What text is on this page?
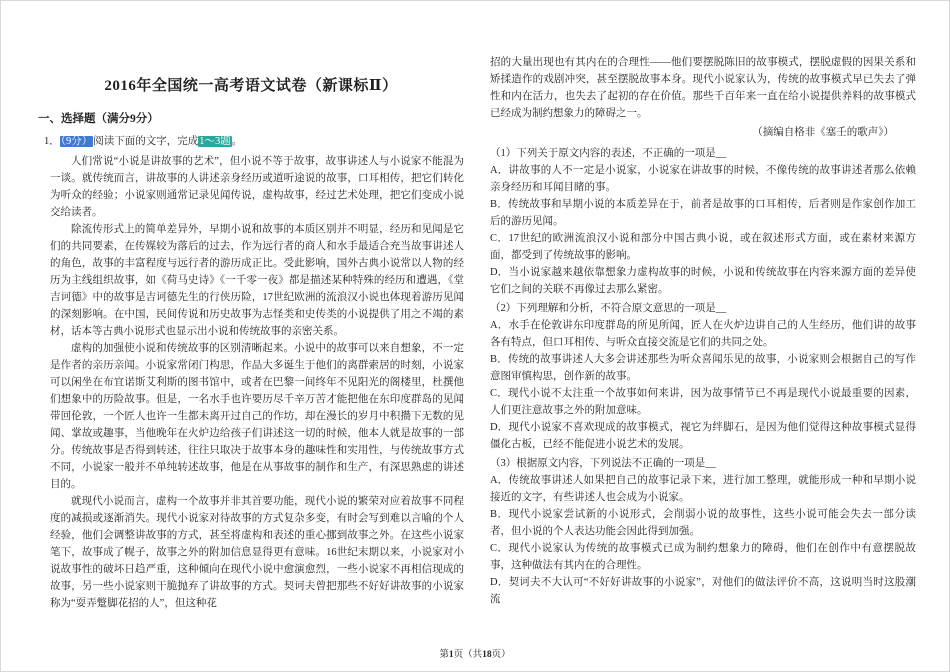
2016年全国统一高考语文试卷（新课标Ⅱ）
一、选择题（满分9分）
1．（9分）阅读下面的文字，完成1～3题。

人们常说“小说是讲故事的艺术”，但小说不等于故事，故事讲述人与小说家不能混为一谈。就传统而言，讲故事的人讲述亲身经历或道听途说的故事，口耳相传，把它们转化为听众的经验；小说家则通常记录见闻传说，虚构故事，经过艺术处理，把它们变成小说交给读者。

除流传形式上的简单差异外，早期小说和故事的本质区别并不明显，经历和见闻是它们的共同要素，在传媒较为落后的过去，作为远行者的商人和水手最适合充当故事讲述人的角色，故事的丰富程度与远行者的游历成正比。受此影响，国外古典小说常以人物的经历为主线组织故事，如《荷马史诗》《一千零一夜》都是描述某种特殊的经历和遭遇，《堂吉诃德》中的故事是吉诃德先生的行侠历险，17世纪欧洲的流浪汉小说也体现着游历见闻的深刻影响。在中国，民间传说和历史故事为志怪类和史传类的小说提供了用之不竭的素材，话本等古典小说形式也显示出小说和传统故事的亲密关系。

虚构的加强使小说和传统故事的区别清晰起来。小说中的故事可以来自想象，不一定是作者的亲历亲闻。小说家常闭门构思，作品大多诞生于他们的离群索居的时刻，小说家可以闲坐在布宜诺斯艾利斯的图书馆中，或者在巴黎一间终年不见阳光的阁楼里，杜撰他们想象中的历险故事。但是，一名水手也许要历尽千辛万苦才能把他在东印度群岛的见闻带回伦敦，一个匠人也许一生都未离开过自己的作坊，却在漫长的岁月中积攒下无数的见闻、掌故或趣事，当他晚年在火炉边给孩子们讲述这一切的时候，他本人就是故事的一部分。传统故事是否得到转述，往往只取决于故事本身的趣味性和实用性，与传统故事方式不同，小说家一般并不单纯转述故事，他是在从事故事的制作和生产，有深思熟虑的讲述目的。

就现代小说而言，虚构一个故事并非其首要功能，现代小说的繁荣对应着故事不同程度的减损或逐渐消失。现代小说家对待故事的方式复杂多变，有时会写到难以言喻的个人经验，他们会调整讲故事的方式，甚至将虚构和表述的重心挪到故事之外。在这些小说家笔下，故事成了幌子，故事之外的附加信息显得更有意味。16世纪末期以来，小说家对小说故事性的破坏日趋严重，这种倾向在现代小说中愈演愈烈，一些小说家不再相信现成的故事，另一些小说家则干脆抛弃了讲故事的方式。契诃夫曾把那些不好好讲故事的小说家称为“耍弄蹩脚花招的人”，但这种花

招的大量出现也有其内在的合理性——他们要摆脱陈旧的故事模式，摆脱虚假的因果关系和矫揉造作的戏剧冲突，甚至摆脱故事本身。现代小说家认为，传统的故事模式早已失去了弹性和内在活力，也失去了起初的存在价值。那些千百年来一直在给小说提供养料的故事模式已经成为制约想象力的障碍之一。

（摘编自格非《塞壬的歌声》）

（1）下列关于原文内容的表述，不正确的一项是__

A．讲故事的人不一定是小说家，小说家在讲故事的时候，不像传统的故事讲述者那么依赖亲身经历和耳闻目睹的事。

B．传统故事和早期小说的本质差异在于，前者是故事的口耳相传，后者则是作家创作加工后的游历见闻。

C．17世纪的欧洲流浪汉小说和部分中国古典小说，或在叙述形式方面，或在素材来源方面，都受到了传统故事的影响。

D．当小说家越来越依靠想象力虚构故事的时候，小说和传统故事在内容来源方面的差异使它们之间的关联不再像过去那么紧密。

（2）下列理解和分析，不符合原文意思的一项是__

A．水手在伦敦讲东印度群岛的所见所闻，匠人在火炉边讲自己的人生经历，他们讲的故事各有特点，但口耳相传、与听众直接交流是它们的共同之处。

B．传统的故事讲述人大多会讲述那些为听众喜闻乐见的故事，小说家则会根据自己的写作意图审慎构思，创作新的故事。

C．现代小说不太注重一个故事如何来讲，因为故事情节已不再是现代小说最重要的因素，人们更注意故事之外的附加意味。

D．现代小说家不喜欢现成的故事模式，视它为绊脚石，是因为他们觉得这种故事模式显得僵化古板，已经不能促进小说艺术的发展。

（3）根据原文内容，下列说法不正确的一项是__

A．传统故事讲述人如果把自己的故事记录下来，进行加工整理，就能形成一种和早期小说接近的文字，有些讲述人也会成为小说家。

B．现代小说家尝试新的小说形式，会削弱小说的故事性，这些小说可能会失去一部分读者，但小说的个人表达功能会因此得到加强。

C．现代小说家认为传统的故事模式已成为制约想象力的障碍，他们在创作中有意摆脱故事，这种做法有其内在的合理性。

D．契诃夫不大认可“不好好讲故事的小说家”，对他们的做法评价不高，这说明当时这股潮流

第1页（共18页）
